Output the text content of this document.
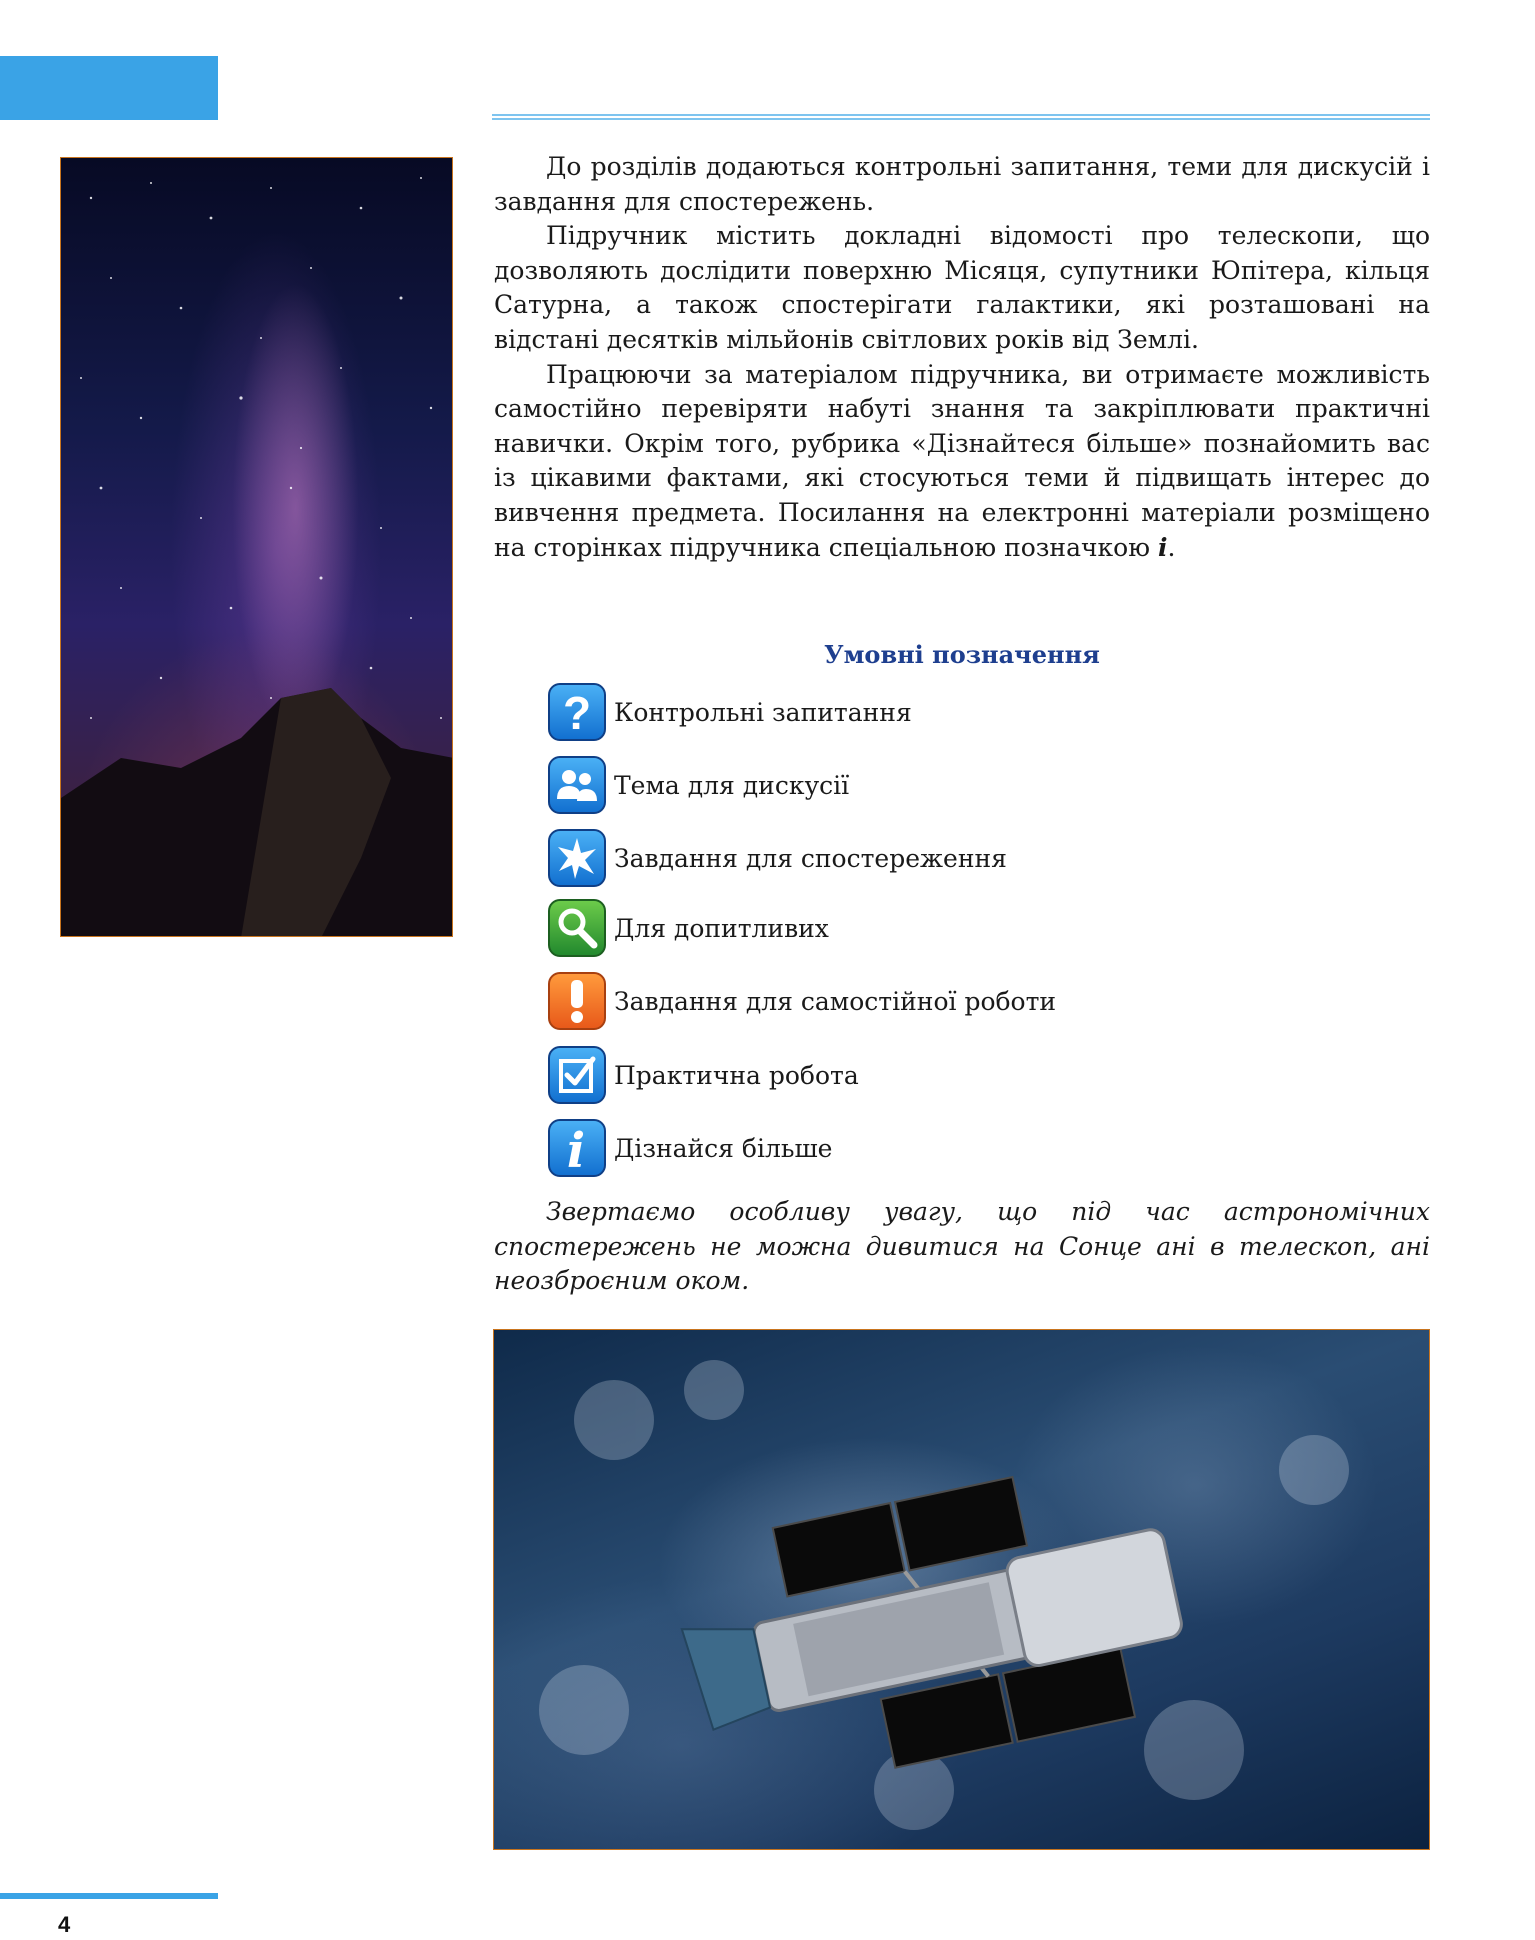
До розділів додаються контрольні запитання, теми для дискусій і завдання для спостережень.

Підручник містить докладні відомості про телескопи, що дозволяють дослідити поверхню Місяця, супутники Юпітера, кільця Сатурна, а також спостерігати галактики, які розташовані на відстані десятків мільйонів світлових років від Землі.

Працюючи за матеріалом підручника, ви отримаєте можливість самостійно перевіряти набуті знання та закріплювати практичні навички. Окрім того, рубрика «Дізнайтеся більше» познайомить вас із цікавими фактами, які стосуються теми й підвищать інтерес до вивчення предмета. Посилання на електронні матеріали розміщено на сторінках підручника спеціальною позначкою i.

Умовні позначення
? Контрольні запитання
Тема для дискусії
Завдання для спостереження
Для допитливих
Завдання для самостійної роботи
Практична робота
i Дізнайся більше

Звертаємо особливу увагу, що під час астрономічних спостережень не можна дивитися на Сонце ані в телескоп, ані неозброєним оком.

4
